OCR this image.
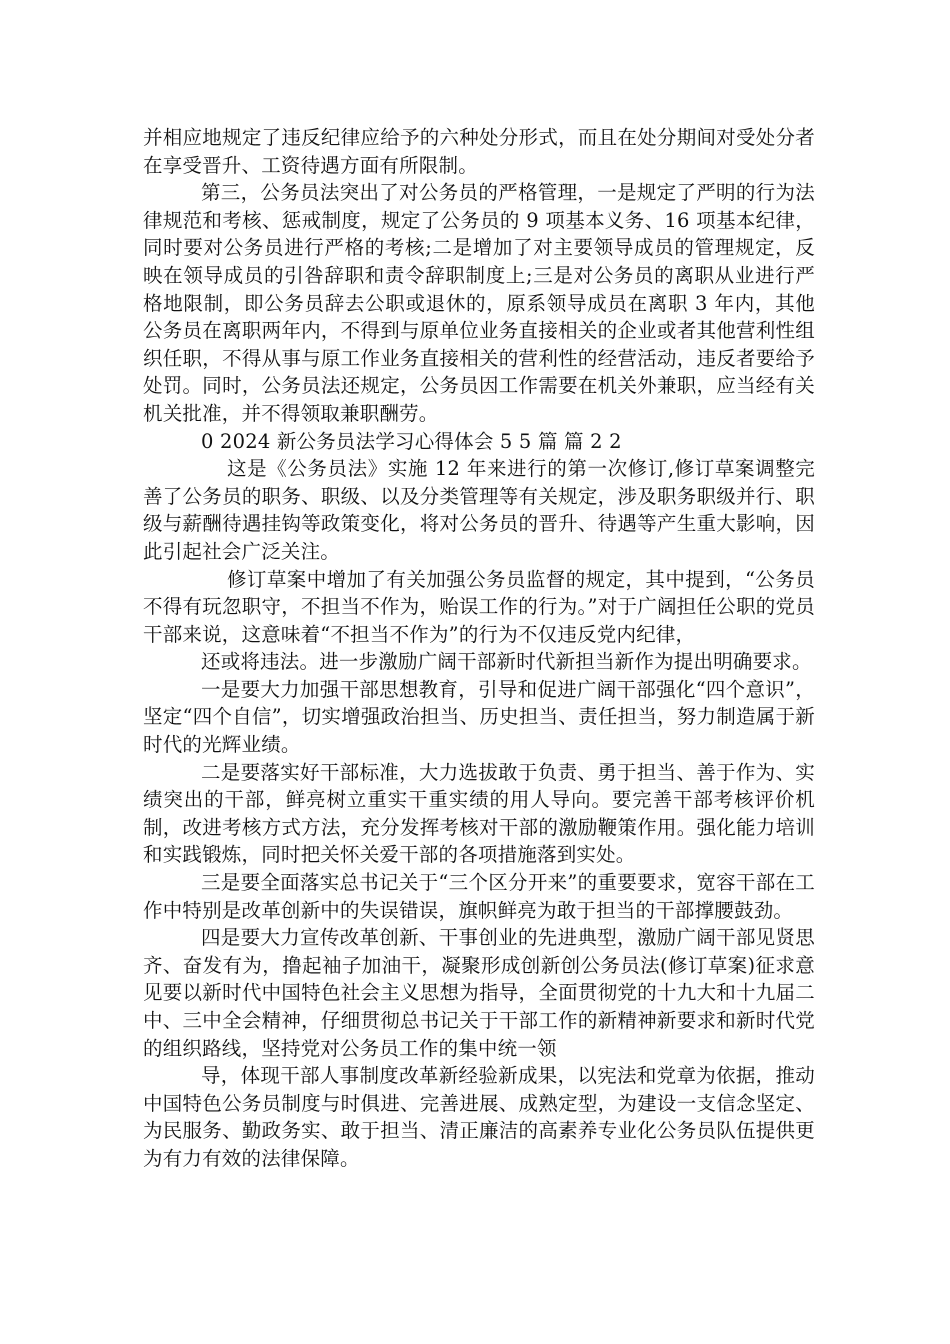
并相应地规定了违反纪律应给予的六种处分形式，而且在处分期间对受处分者在享受晋升、工资待遇方面有所限制。

第三，公务员法突出了对公务员的严格管理，一是规定了严明的行为法律规范和考核、惩戒制度，规定了公务员的 9 项基本义务、16 项基本纪律，同时要对公务员进行严格的考核;二是增加了对主要领导成员的管理规定，反映在领导成员的引咎辞职和责令辞职制度上;三是对公务员的离职从业进行严格地限制，即公务员辞去公职或退休的，原系领导成员在离职 3 年内，其他公务员在离职两年内，不得到与原单位业务直接相关的企业或者其他营利性组织任职，不得从事与原工作业务直接相关的营利性的经营活动，违反者要给予处罚。同时，公务员法还规定，公务员因工作需要在机关外兼职，应当经有关机关批准，并不得领取兼职酬劳。

0 2024 新公务员法学习心得体会 5 5 篇 篇 2 2

这是《公务员法》实施 12 年来进行的第一次修订,修订草案调整完善了公务员的职务、职级、以及分类管理等有关规定，涉及职务职级并行、职级与薪酬待遇挂钩等政策变化，将对公务员的晋升、待遇等产生重大影响，因此引起社会广泛关注。

修订草案中增加了有关加强公务员监督的规定，其中提到，“公务员不得有玩忽职守，不担当不作为，贻误工作的行为。”对于广阔担任公职的党员干部来说，这意味着“不担当不作为”的行为不仅违反党内纪律，

还或将违法。进一步激励广阔干部新时代新担当新作为提出明确要求。

一是要大力加强干部思想教育，引导和促进广阔干部强化“四个意识”，坚定“四个自信”，切实增强政治担当、历史担当、责任担当，努力制造属于新时代的光辉业绩。

二是要落实好干部标准，大力选拔敢于负责、勇于担当、善于作为、实绩突出的干部，鲜亮树立重实干重实绩的用人导向。要完善干部考核评价机制，改进考核方式方法，充分发挥考核对干部的激励鞭策作用。强化能力培训和实践锻炼，同时把关怀关爱干部的各项措施落到实处。

三是要全面落实总书记关于“三个区分开来”的重要要求，宽容干部在工作中特别是改革创新中的失误错误，旗帜鲜亮为敢于担当的干部撑腰鼓劲。

四是要大力宣传改革创新、干事创业的先进典型，激励广阔干部见贤思齐、奋发有为，撸起袖子加油干，凝聚形成创新创公务员法(修订草案)征求意见要以新时代中国特色社会主义思想为指导，全面贯彻党的十九大和十九届二中、三中全会精神，仔细贯彻总书记关于干部工作的新精神新要求和新时代党的组织路线，坚持党对公务员工作的集中统一领

导，体现干部人事制度改革新经验新成果，以宪法和党章为依据，推动中国特色公务员制度与时俱进、完善进展、成熟定型，为建设一支信念坚定、为民服务、勤政务实、敢于担当、清正廉洁的高素养专业化公务员队伍提供更为有力有效的法律保障。
